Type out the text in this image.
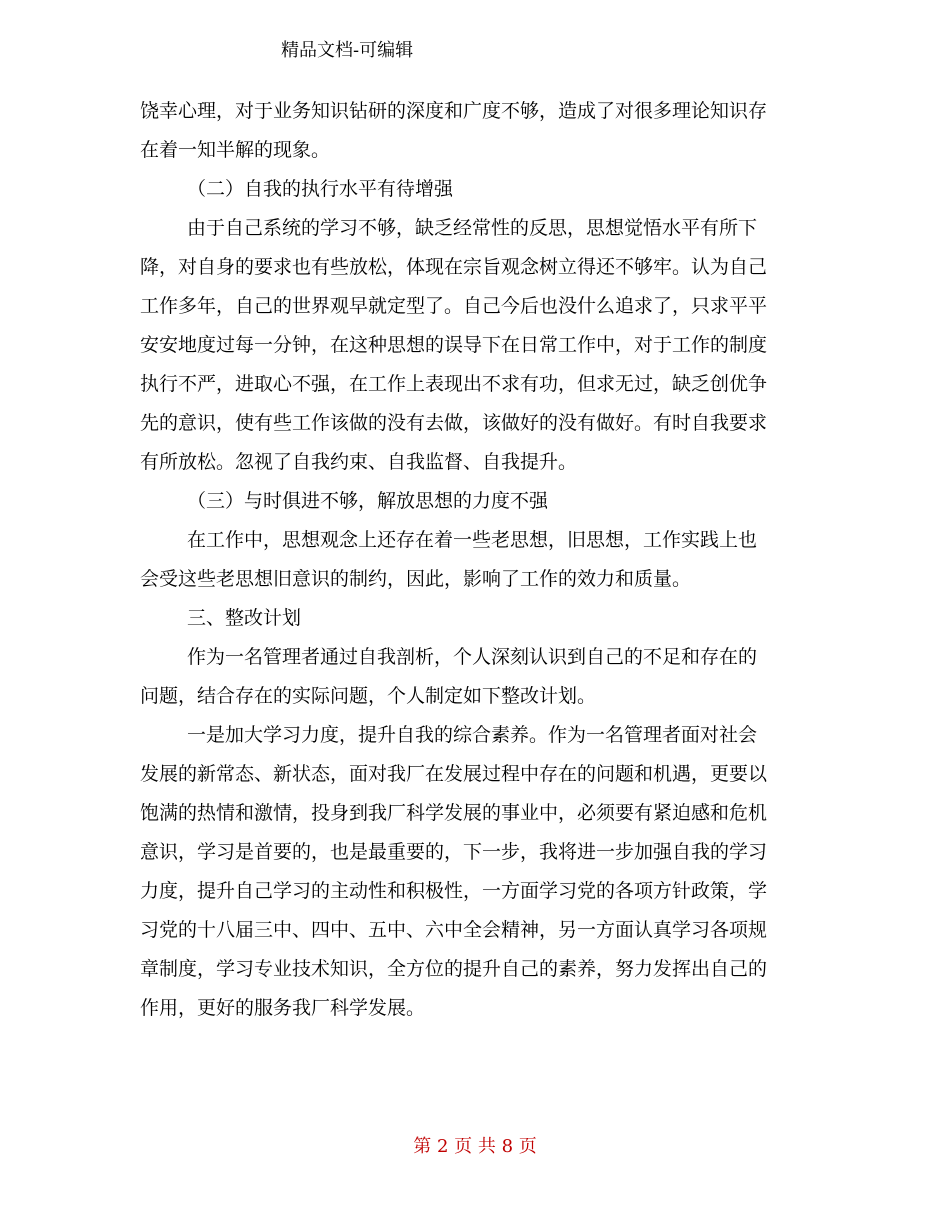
精品文档-可编辑
饶幸心理，对于业务知识钻研的深度和广度不够，造成了对很多理论知识存
在着一知半解的现象。
（二）自我的执行水平有待增强
由于自己系统的学习不够，缺乏经常性的反思，思想觉悟水平有所下
降，对自身的要求也有些放松，体现在宗旨观念树立得还不够牢。认为自己
工作多年，自己的世界观早就定型了。自己今后也没什么追求了，只求平平
安安地度过每一分钟，在这种思想的误导下在日常工作中，对于工作的制度
执行不严，进取心不强，在工作上表现出不求有功，但求无过，缺乏创优争
先的意识，使有些工作该做的没有去做，该做好的没有做好。有时自我要求
有所放松。忽视了自我约束、自我监督、自我提升。
（三）与时俱进不够，解放思想的力度不强
在工作中，思想观念上还存在着一些老思想，旧思想，工作实践上也
会受这些老思想旧意识的制约，因此，影响了工作的效力和质量。
三、整改计划
作为一名管理者通过自我剖析，个人深刻认识到自己的不足和存在的
问题，结合存在的实际问题，个人制定如下整改计划。
一是加大学习力度，提升自我的综合素养。作为一名管理者面对社会
发展的新常态、新状态，面对我厂在发展过程中存在的问题和机遇，更要以
饱满的热情和激情，投身到我厂科学发展的事业中，必须要有紧迫感和危机
意识，学习是首要的，也是最重要的，下一步，我将进一步加强自我的学习
力度，提升自己学习的主动性和积极性，一方面学习党的各项方针政策，学
习党的十八届三中、四中、五中、六中全会精神，另一方面认真学习各项规
章制度，学习专业技术知识，全方位的提升自己的素养，努力发挥出自己的
作用，更好的服务我厂科学发展。
第 2 页 共 8 页
